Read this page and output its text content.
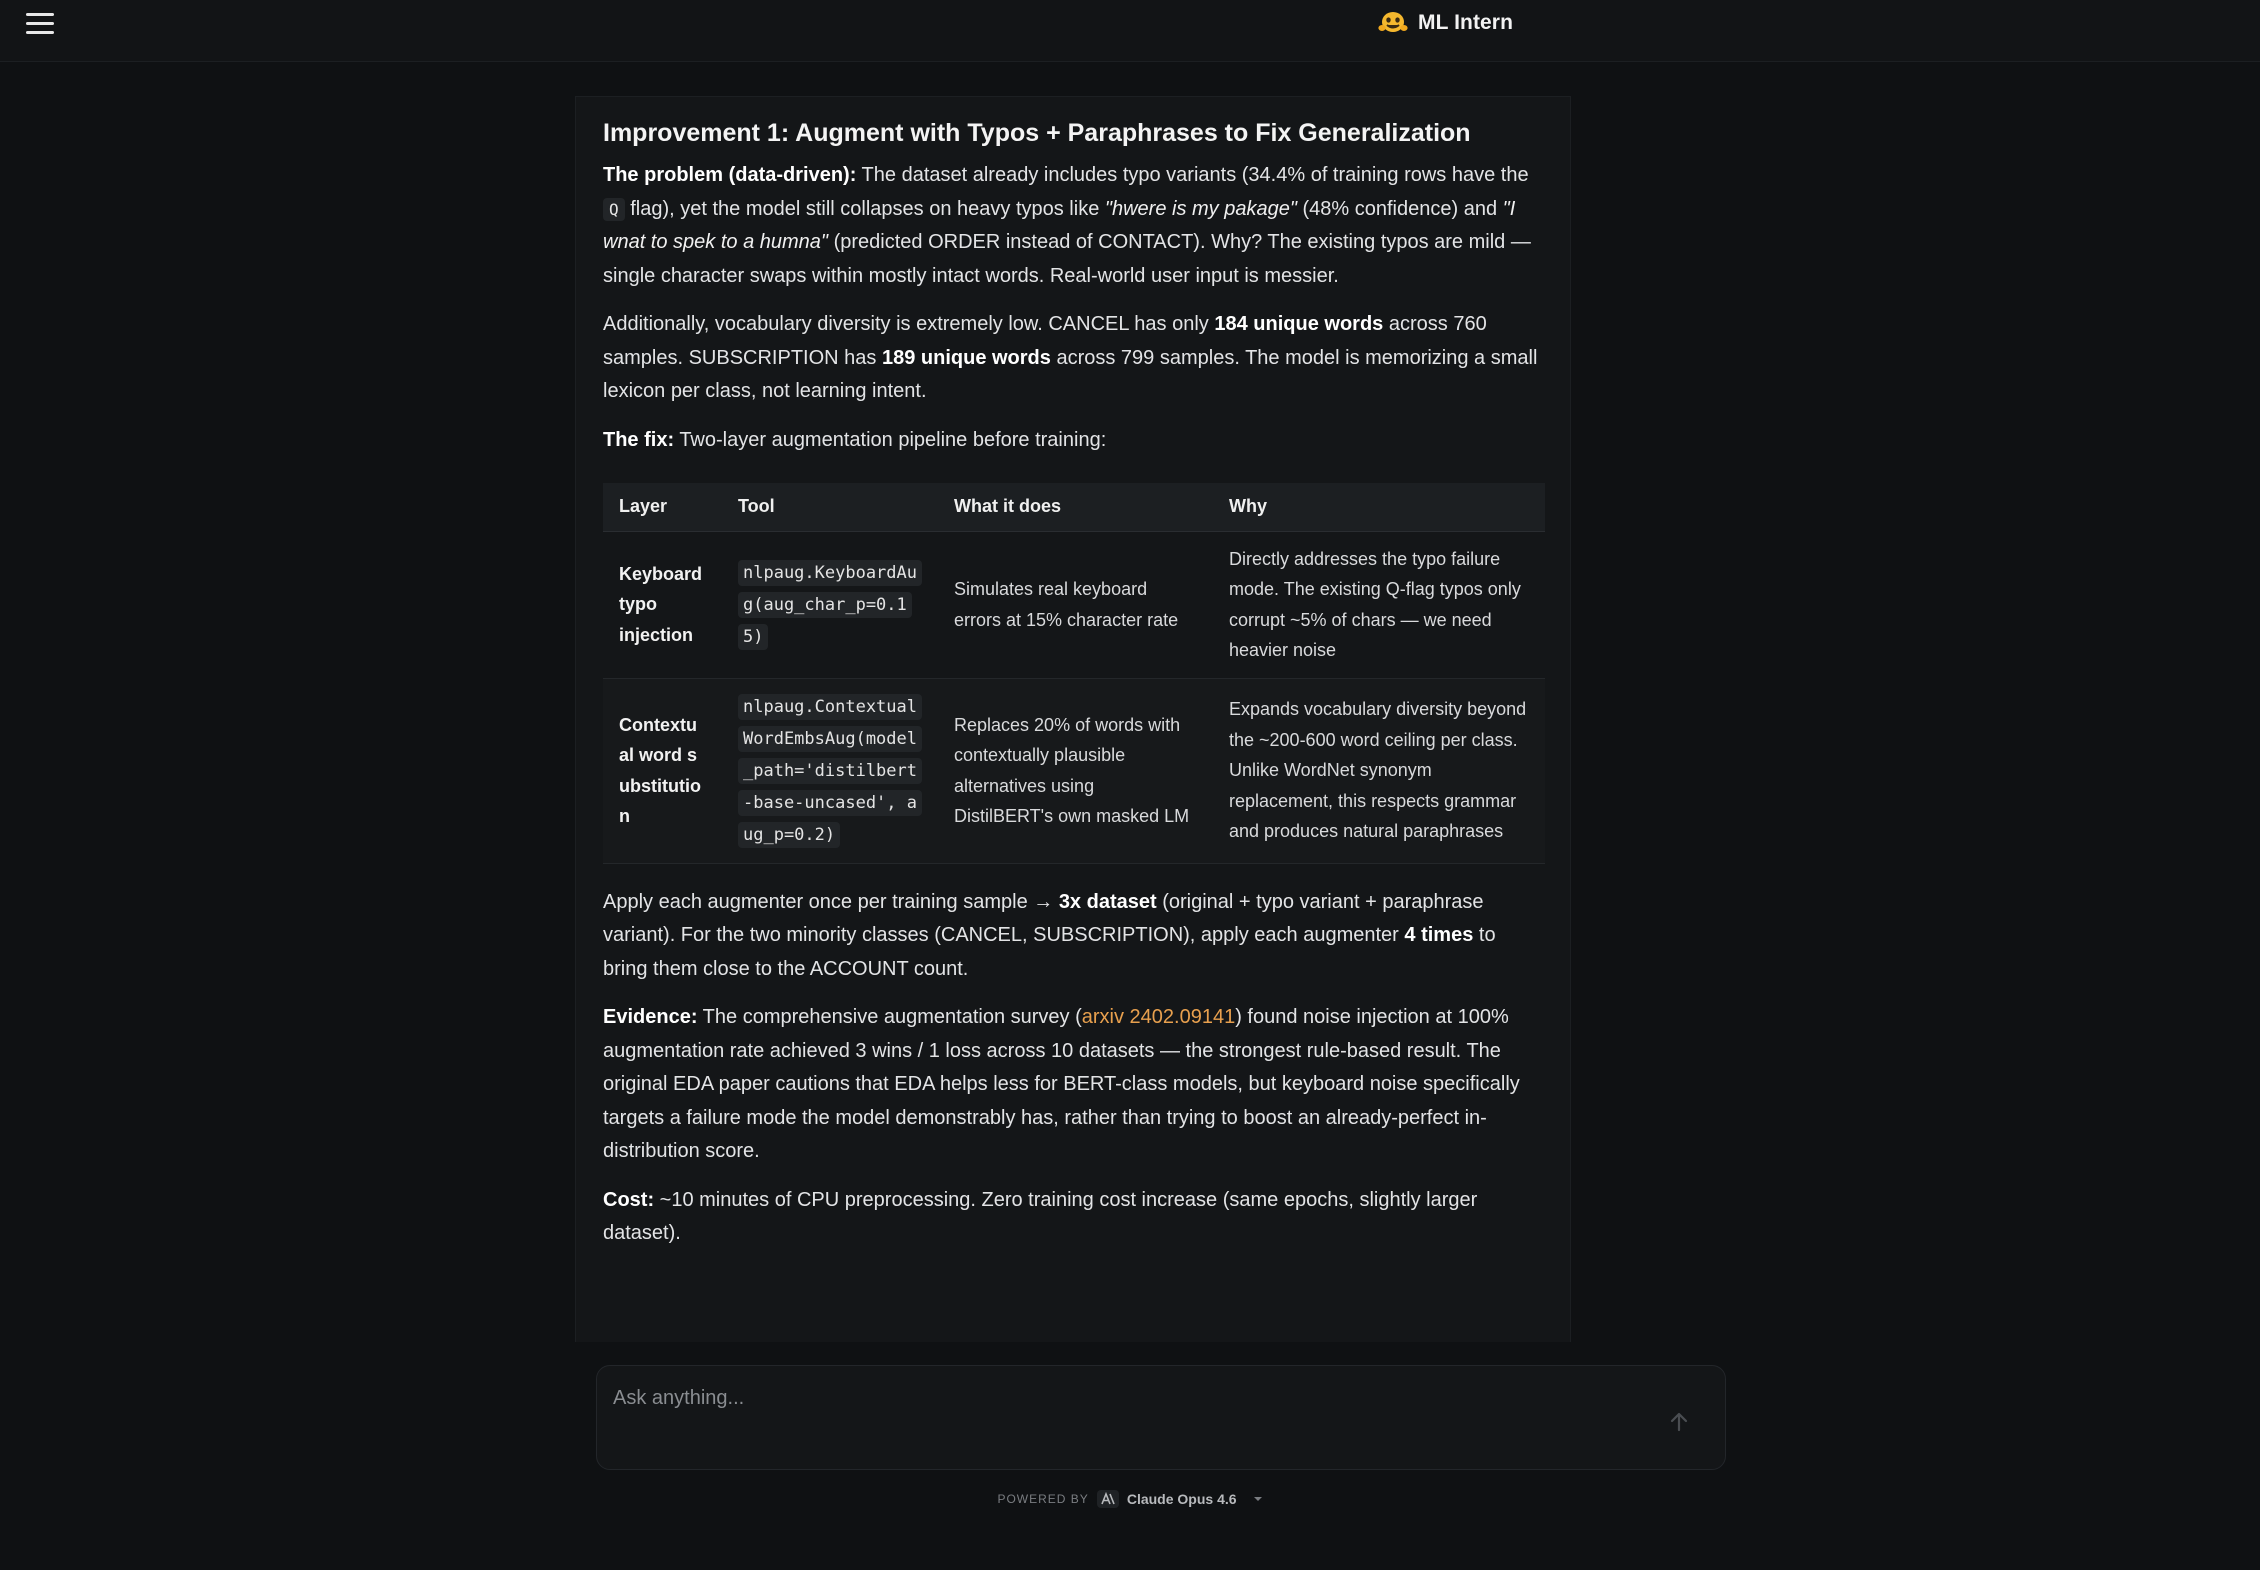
ML Intern
Improvement 1: Augment with Typos + Paraphrases to Fix Generalization

The problem (data-driven): The dataset already includes typo variants (34.4% of training rows have the Q flag), yet the model still collapses on heavy typos like "hwere is my pakage" (48% confidence) and "I wnat to spek to a humna" (predicted ORDER instead of CONTACT). Why? The existing typos are mild — single character swaps within mostly intact words. Real-world user input is messier.

Additionally, vocabulary diversity is extremely low. CANCEL has only 184 unique words across 760 samples. SUBSCRIPTION has 189 unique words across 799 samples. The model is memorizing a small lexicon per class, not learning intent.

The fix: Two-layer augmentation pipeline before training:

Layer	Tool	What it does	Why
Keyboard typo injection	nlpaug.KeyboardAug(aug_char_p=0.15)	Simulates real keyboard errors at 15% character rate	Directly addresses the typo failure mode. The existing Q-flag typos only corrupt ~5% of chars — we need heavier noise
Contextual word substitution	nlpaug.ContextualWordEmbsAug(model_path='distilbert-base-uncased', aug_p=0.2)	Replaces 20% of words with contextually plausible alternatives using DistilBERT's own masked LM	Expands vocabulary diversity beyond the ~200-600 word ceiling per class. Unlike WordNet synonym replacement, this respects grammar and produces natural paraphrases

Apply each augmenter once per training sample → 3x dataset (original + typo variant + paraphrase variant). For the two minority classes (CANCEL, SUBSCRIPTION), apply each augmenter 4 times to bring them close to the ACCOUNT count.

Evidence: The comprehensive augmentation survey (arxiv 2402.09141) found noise injection at 100% augmentation rate achieved 3 wins / 1 loss across 10 datasets — the strongest rule-based result. The original EDA paper cautions that EDA helps less for BERT-class models, but keyboard noise specifically targets a failure mode the model demonstrably has, rather than trying to boost an already-perfect in-distribution score.

Cost: ~10 minutes of CPU preprocessing. Zero training cost increase (same epochs, slightly larger dataset).

Ask anything...
POWERED BY	Claude Opus 4.6
